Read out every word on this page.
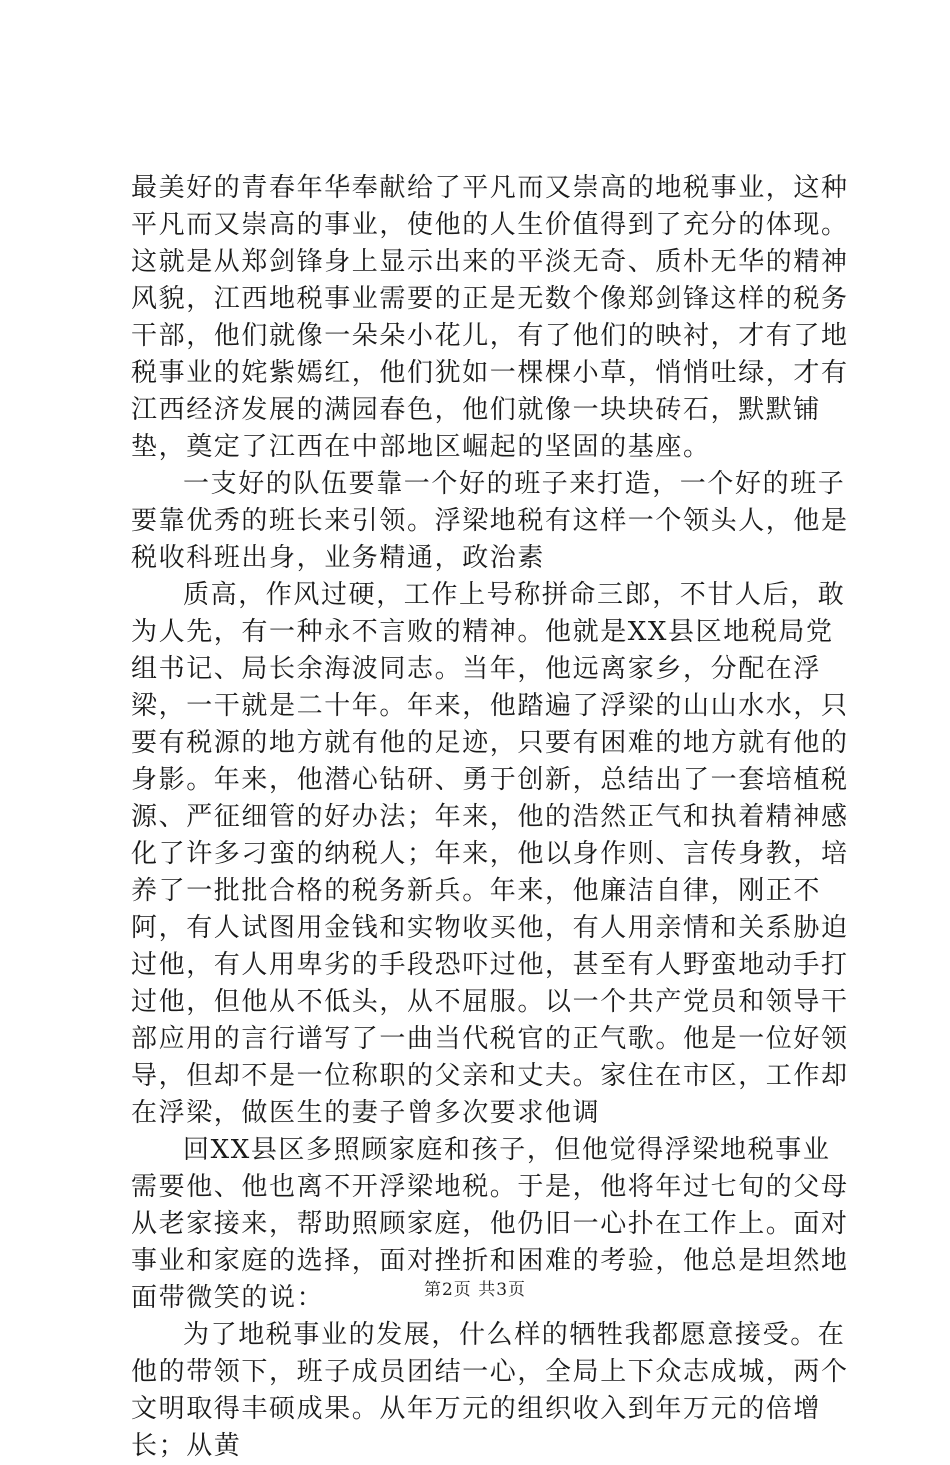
最美好的青春年华奉献给了平凡而又崇高的地税事业，这种平凡而又崇高的事业，使他的人生价值得到了充分的体现。这就是从郑剑锋身上显示出来的平淡无奇、质朴无华的精神风貌，江西地税事业需要的正是无数个像郑剑锋这样的税务干部，他们就像一朵朵小花儿，有了他们的映衬，才有了地税事业的姹紫嫣红，他们犹如一棵棵小草，悄悄吐绿，才有江西经济发展的满园春色，他们就像一块块砖石，默默铺垫，奠定了江西在中部地区崛起的坚固的基座。

一支好的队伍要靠一个好的班子来打造，一个好的班子要靠优秀的班长来引领。浮梁地税有这样一个领头人，他是税收科班出身，业务精通，政治素

质高，作风过硬，工作上号称拼命三郎，不甘人后，敢为人先，有一种永不言败的精神。他就是XX县区地税局党组书记、局长余海波同志。当年，他远离家乡，分配在浮梁，一干就是二十年。年来，他踏遍了浮梁的山山水水，只要有税源的地方就有他的足迹，只要有困难的地方就有他的身影。年来，他潜心钻研、勇于创新，总结出了一套培植税源、严征细管的好办法；年来，他的浩然正气和执着精神感化了许多刁蛮的纳税人；年来，他以身作则、言传身教，培养了一批批合格的税务新兵。年来，他廉洁自律，刚正不阿，有人试图用金钱和实物收买他，有人用亲情和关系胁迫过他，有人用卑劣的手段恐吓过他，甚至有人野蛮地动手打过他，但他从不低头，从不屈服。以一个共产党员和领导干部应用的言行谱写了一曲当代税官的正气歌。他是一位好领导，但却不是一位称职的父亲和丈夫。家住在市区，工作却在浮梁，做医生的妻子曾多次要求他调

回XX县区多照顾家庭和孩子，但他觉得浮梁地税事业需要他、他也离不开浮梁地税。于是，他将年过七旬的父母从老家接来，帮助照顾家庭，他仍旧一心扑在工作上。面对事业和家庭的选择，面对挫折和困难的考验，他总是坦然地面带微笑的说：

为了地税事业的发展，什么样的牺牲我都愿意接受。在他的带领下，班子成员团结一心，全局上下众志成城，两个文明取得丰硕成果。从年万元的组织收入到年万元的倍增长；从黄

第2页 共3页
